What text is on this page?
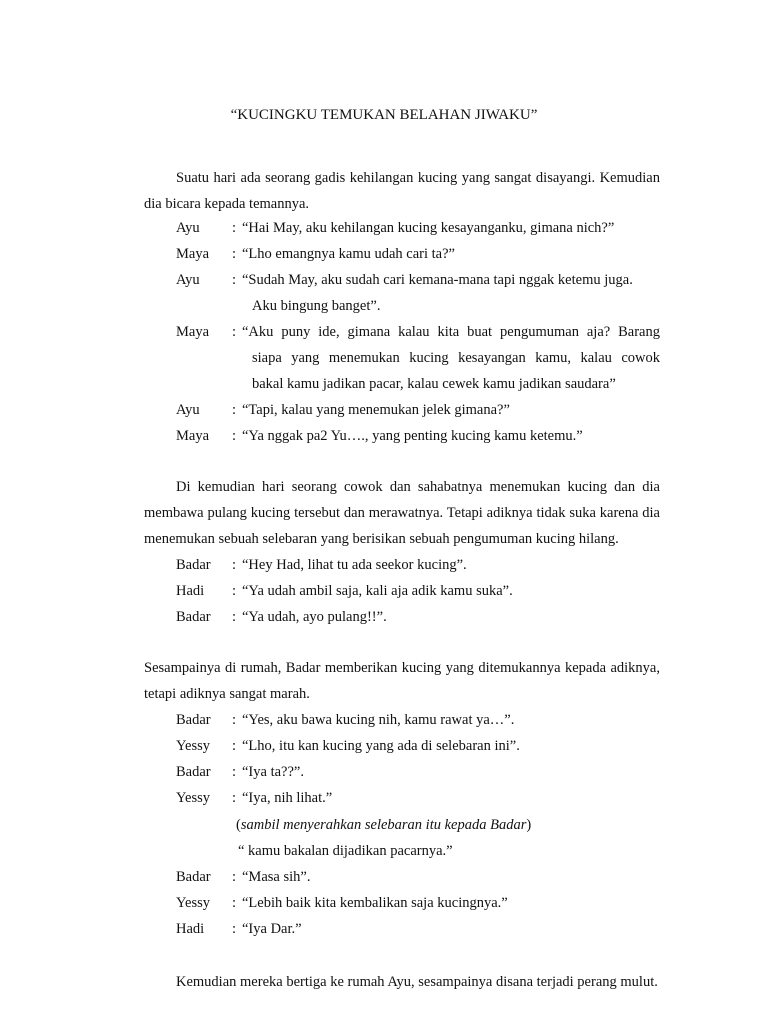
“KUCINGKU TEMUKAN BELAHAN JIWAKU”
Suatu hari ada seorang gadis kehilangan kucing yang sangat disayangi. Kemudian dia bicara kepada temannya.
Ayu	: “Hai May, aku kehilangan kucing kesayanganku, gimana nich?”
Maya	: “Lho emangnya kamu udah cari ta?”
Ayu	: “Sudah May, aku sudah cari kemana-mana tapi nggak ketemu juga.
Aku bingung banget”.
Maya	: “Aku puny ide, gimana kalau kita buat pengumuman aja? Barang
siapa yang menemukan kucing kesayangan kamu, kalau cowok
bakal kamu jadikan pacar, kalau cewek kamu jadikan saudara”
Ayu	: “Tapi, kalau yang menemukan jelek gimana?”
Maya	: “Ya nggak pa2 Yu…., yang penting kucing kamu ketemu.”
Di kemudian hari seorang cowok dan sahabatnya menemukan kucing dan dia membawa pulang kucing tersebut dan merawatnya. Tetapi adiknya tidak suka karena dia menemukan sebuah selebaran yang berisikan sebuah pengumuman kucing hilang.
Badar	: “Hey Had, lihat tu ada seekor kucing”.
Hadi	: “Ya udah ambil saja, kali aja adik kamu suka”.
Badar	: “Ya udah, ayo pulang!!”.
Sesampainya di rumah, Badar memberikan kucing yang ditemukannya kepada adiknya, tetapi adiknya sangat marah.
Badar	: “Yes, aku bawa kucing nih, kamu rawat ya…”.
Yessy	: “Lho, itu kan kucing yang ada di selebaran ini”.
Badar	: “Iya ta??”.
Yessy	: “Iya, nih lihat.”
(sambil menyerahkan selebaran itu kepada Badar)
“ kamu bakalan dijadikan pacarnya.”
Badar	: “Masa sih”.
Yessy	: “Lebih baik kita kembalikan saja kucingnya.”
Hadi	: “Iya Dar.”
Kemudian mereka bertiga ke rumah Ayu, sesampainya disana terjadi perang mulut.
